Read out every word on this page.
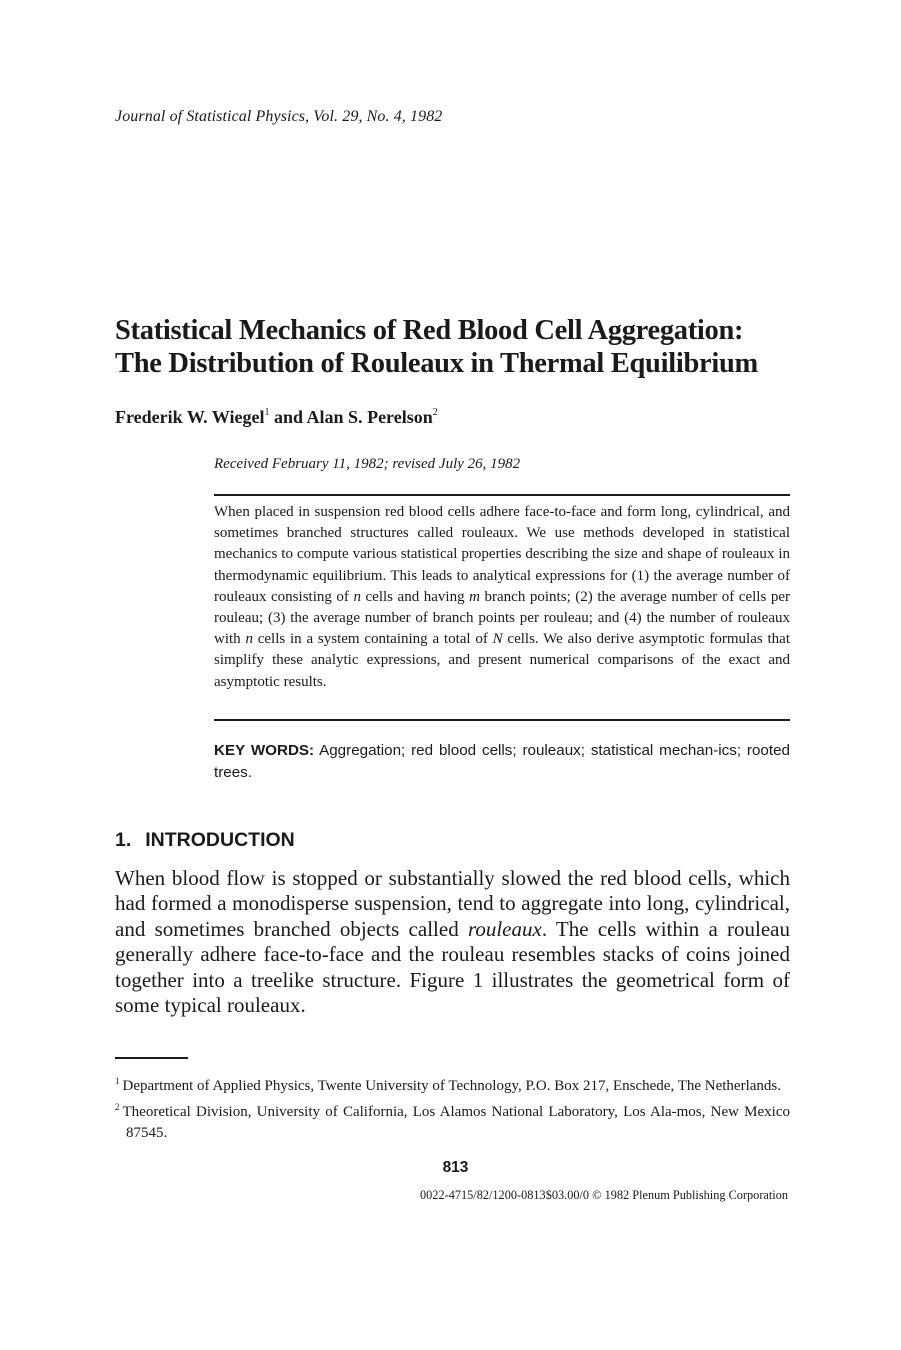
Journal of Statistical Physics, Vol. 29, No. 4, 1982
Statistical Mechanics of Red Blood Cell Aggregation:
The Distribution of Rouleaux in Thermal Equilibrium
Frederik W. Wiegel$^1$ and Alan S. Perelson$^2$
Received February 11, 1982; revised July 26, 1982
When placed in suspension red blood cells adhere face-to-face and form long, cylindrical, and sometimes branched structures called rouleaux. We use methods developed in statistical mechanics to compute various statistical properties describing the size and shape of rouleaux in thermodynamic equilibrium. This leads to analytical expressions for (1) the average number of rouleaux consisting of n cells and having m branch points; (2) the average number of cells per rouleau; (3) the average number of branch points per rouleau; and (4) the number of rouleaux with n cells in a system containing a total of N cells. We also derive asymptotic formulas that simplify these analytic expressions, and present numerical comparisons of the exact and asymptotic results.
KEY WORDS: Aggregation; red blood cells; rouleaux; statistical mechan-ics; rooted trees.
1. INTRODUCTION
When blood flow is stopped or substantially slowed the red blood cells, which had formed a monodisperse suspension, tend to aggregate into long, cylindrical, and sometimes branched objects called rouleaux. The cells within a rouleau generally adhere face-to-face and the rouleau resembles stacks of coins joined together into a treelike structure. Figure 1 illustrates the geometrical form of some typical rouleaux.
$^1$ Department of Applied Physics, Twente University of Technology, P.O. Box 217, Enschede, The Netherlands.
$^2$ Theoretical Division, University of California, Los Alamos National Laboratory, Los Ala-mos, New Mexico 87545.
813
0022-4715/82/1200-0813$03.00/0 © 1982 Plenum Publishing Corporation
